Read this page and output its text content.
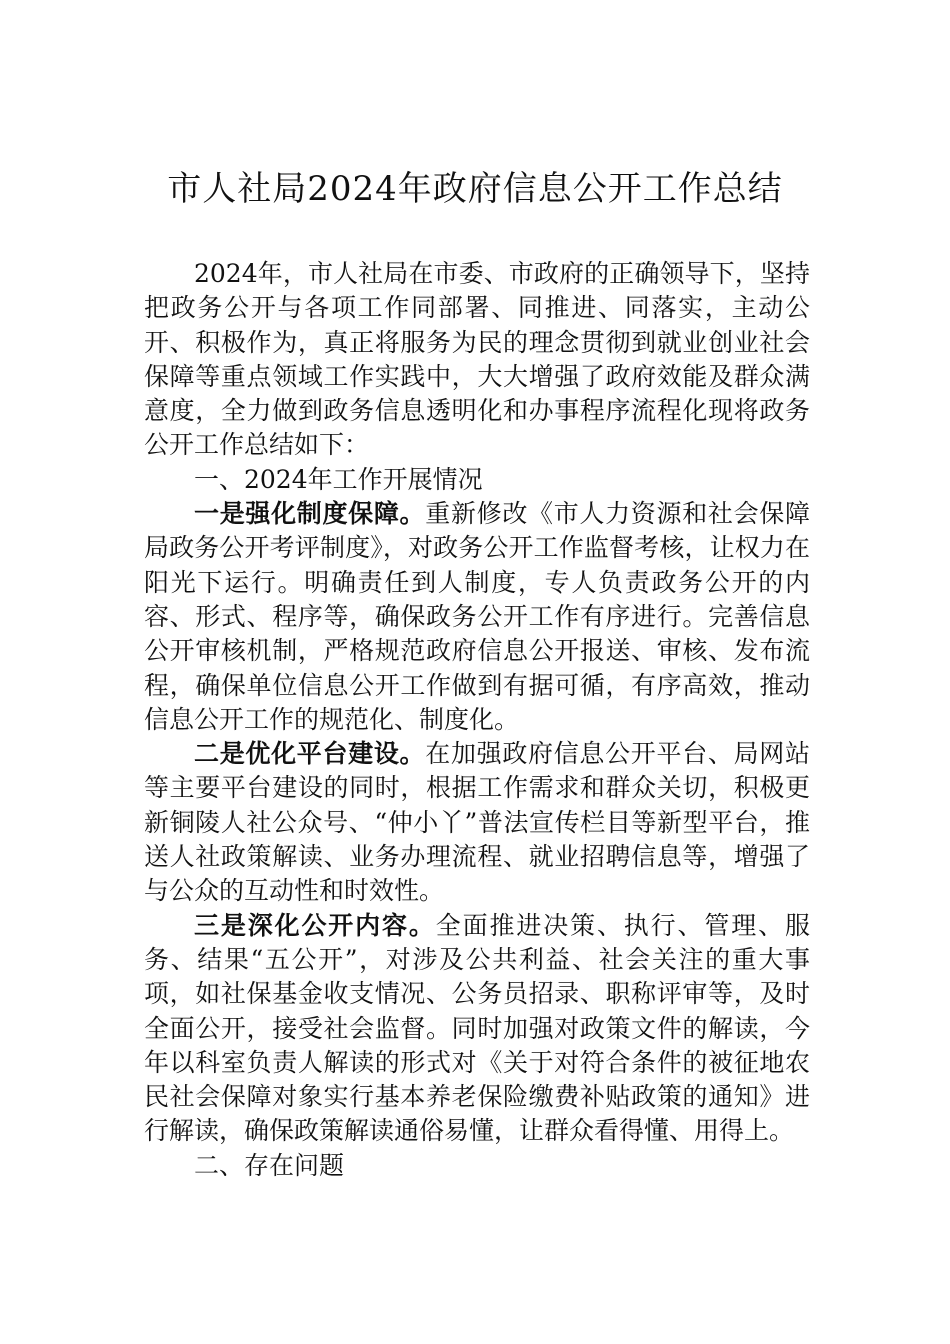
市人社局2024年政府信息公开工作总结

2024年，市人社局在市委、市政府的正确领导下，坚持把政务公开与各项工作同部署、同推进、同落实，主动公开、积极作为，真正将服务为民的理念贯彻到就业创业社会保障等重点领域工作实践中，大大增强了政府效能及群众满意度，全力做到政务信息透明化和办事程序流程化现将政务公开工作总结如下：

一、2024年工作开展情况

一是强化制度保障。重新修改《市人力资源和社会保障局政务公开考评制度》，对政务公开工作监督考核，让权力在阳光下运行。明确责任到人制度，专人负责政务公开的内容、形式、程序等，确保政务公开工作有序进行。完善信息公开审核机制，严格规范政府信息公开报送、审核、发布流程，确保单位信息公开工作做到有据可循，有序高效，推动信息公开工作的规范化、制度化。

二是优化平台建设。在加强政府信息公开平台、局网站等主要平台建设的同时，根据工作需求和群众关切，积极更新铜陵人社公众号、“仲小丫”普法宣传栏目等新型平台，推送人社政策解读、业务办理流程、就业招聘信息等，增强了与公众的互动性和时效性。

三是深化公开内容。全面推进决策、执行、管理、服务、结果“五公开”，对涉及公共利益、社会关注的重大事项，如社保基金收支情况、公务员招录、职称评审等，及时全面公开，接受社会监督。同时加强对政策文件的解读，今年以科室负责人解读的形式对《关于对符合条件的被征地农民社会保障对象实行基本养老保险缴费补贴政策的通知》进行解读，确保政策解读通俗易懂，让群众看得懂、用得上。

二、存在问题
